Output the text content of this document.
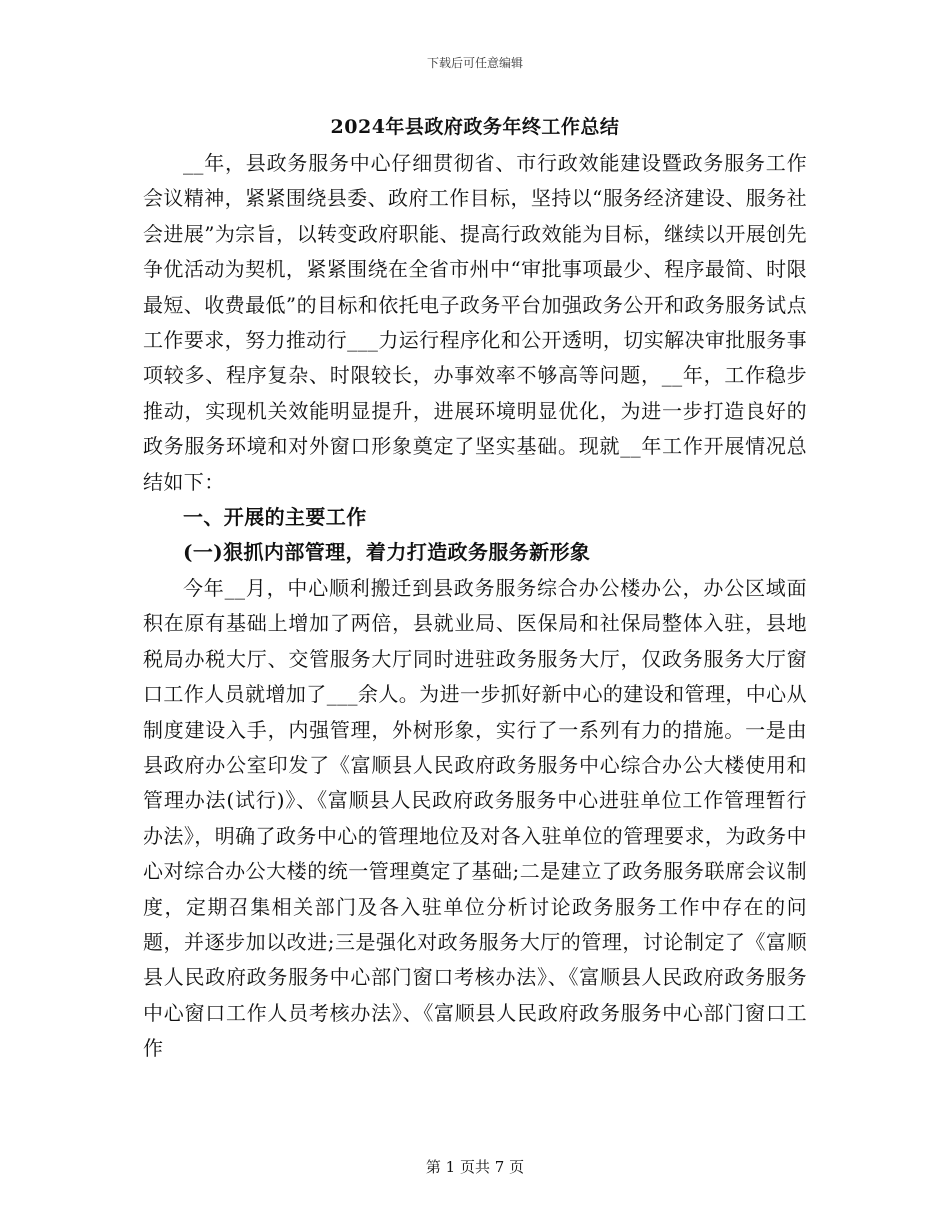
下载后可任意编辑

2024年县政府政务年终工作总结

__年，县政务服务中心仔细贯彻省、市行政效能建设暨政务服务工作会议精神，紧紧围绕县委、政府工作目标，坚持以“服务经济建设、服务社会进展”为宗旨，以转变政府职能、提高行政效能为目标，继续以开展创先争优活动为契机，紧紧围绕在全省市州中“审批事项最少、程序最简、时限最短、收费最低”的目标和依托电子政务平台加强政务公开和政务服务试点工作要求，努力推动行___力运行程序化和公开透明，切实解决审批服务事项较多、程序复杂、时限较长，办事效率不够高等问题，__年，工作稳步推动，实现机关效能明显提升，进展环境明显优化，为进一步打造良好的政务服务环境和对外窗口形象奠定了坚实基础。现就__年工作开展情况总结如下：

一、开展的主要工作

(一)狠抓内部管理，着力打造政务服务新形象

今年__月，中心顺利搬迁到县政务服务综合办公楼办公，办公区域面积在原有基础上增加了两倍，县就业局、医保局和社保局整体入驻，县地税局办税大厅、交管服务大厅同时进驻政务服务大厅，仅政务服务大厅窗口工作人员就增加了___余人。为进一步抓好新中心的建设和管理，中心从制度建设入手，内强管理，外树形象，实行了一系列有力的措施。一是由县政府办公室印发了《富顺县人民政府政务服务中心综合办公大楼使用和管理办法(试行)》、《富顺县人民政府政务服务中心进驻单位工作管理暂行办法》，明确了政务中心的管理地位及对各入驻单位的管理要求，为政务中心对综合办公大楼的统一管理奠定了基础;二是建立了政务服务联席会议制度，定期召集相关部门及各入驻单位分析讨论政务服务工作中存在的问题，并逐步加以改进;三是强化对政务服务大厅的管理，讨论制定了《富顺县人民政府政务服务中心部门窗口考核办法》、《富顺县人民政府政务服务中心窗口工作人员考核办法》、《富顺县人民政府政务服务中心部门窗口工作

第 1 页共 7 页
